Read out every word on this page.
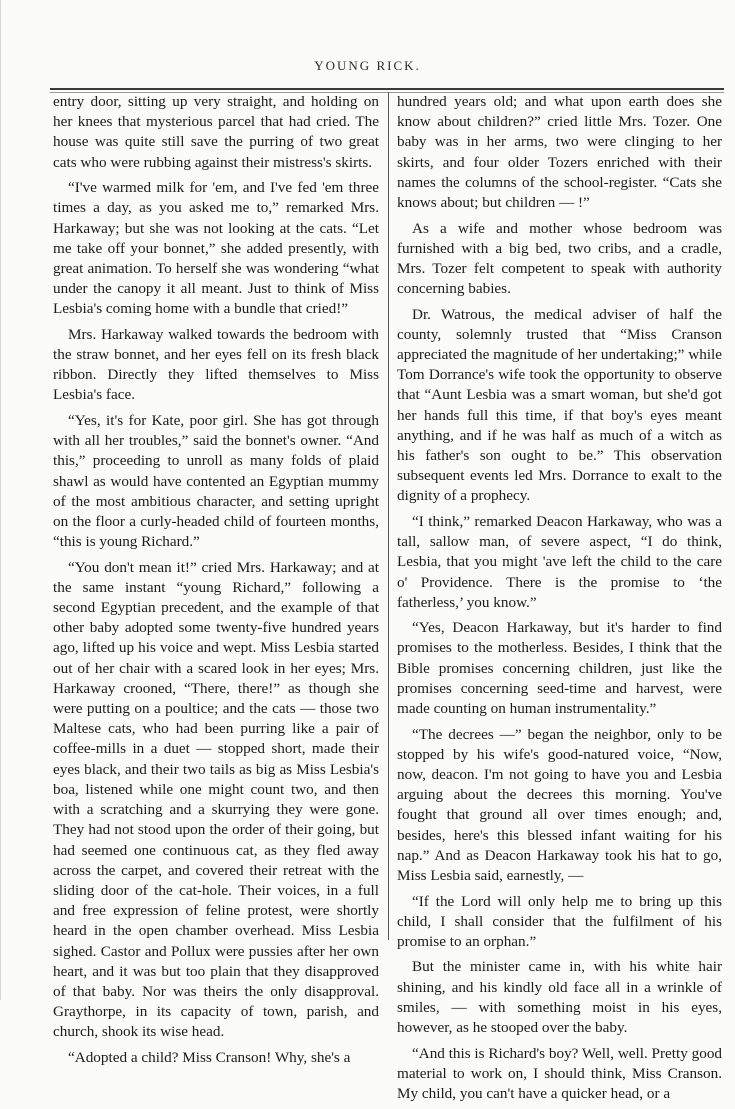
YOUNG RICK.

entry door, sitting up very straight, and holding on her knees that mysterious parcel that had cried. The house was quite still save the purring of two great cats who were rubbing against their mistress's skirts.

“I've warmed milk for 'em, and I've fed 'em three times a day, as you asked me to,” remarked Mrs. Harkaway; but she was not looking at the cats. “Let me take off your bonnet,” she added presently, with great animation. To herself she was wondering “what under the canopy it all meant. Just to think of Miss Lesbia's coming home with a bundle that cried!”

Mrs. Harkaway walked towards the bedroom with the straw bonnet, and her eyes fell on its fresh black ribbon. Directly they lifted themselves to Miss Lesbia's face.

“Yes, it's for Kate, poor girl. She has got through with all her troubles,” said the bonnet's owner. “And this,” proceeding to unroll as many folds of plaid shawl as would have contented an Egyptian mummy of the most ambitious character, and setting upright on the floor a curly-headed child of fourteen months, “this is young Richard.”

“You don't mean it!” cried Mrs. Harkaway; and at the same instant “young Richard,” following a second Egyptian precedent, and the example of that other baby adopted some twenty-five hundred years ago, lifted up his voice and wept. Miss Lesbia started out of her chair with a scared look in her eyes; Mrs. Harkaway crooned, “There, there!” as though she were putting on a poultice; and the cats — those two Maltese cats, who had been purring like a pair of coffee-mills in a duet — stopped short, made their eyes black, and their two tails as big as Miss Lesbia's boa, listened while one might count two, and then with a scratching and a skurrying they were gone. They had not stood upon the order of their going, but had seemed one continuous cat, as they fled away across the carpet, and covered their retreat with the sliding door of the cat-hole. Their voices, in a full and free expression of feline protest, were shortly heard in the open chamber overhead. Miss Lesbia sighed. Castor and Pollux were pussies after her own heart, and it was but too plain that they disapproved of that baby. Nor was theirs the only disapproval. Graythorpe, in its capacity of town, parish, and church, shook its wise head.

“Adopted a child? Miss Cranson! Why, she's a

hundred years old; and what upon earth does she know about children?” cried little Mrs. Tozer. One baby was in her arms, two were clinging to her skirts, and four older Tozers enriched with their names the columns of the school-register. “Cats she knows about; but children — !”

As a wife and mother whose bedroom was furnished with a big bed, two cribs, and a cradle, Mrs. Tozer felt competent to speak with authority concerning babies.

Dr. Watrous, the medical adviser of half the county, solemnly trusted that “Miss Cranson appreciated the magnitude of her undertaking;” while Tom Dorrance's wife took the opportunity to observe that “Aunt Lesbia was a smart woman, but she'd got her hands full this time, if that boy's eyes meant anything, and if he was half as much of a witch as his father's son ought to be.” This observation subsequent events led Mrs. Dorrance to exalt to the dignity of a prophecy.

“I think,” remarked Deacon Harkaway, who was a tall, sallow man, of severe aspect, “I do think, Lesbia, that you might 'ave left the child to the care o' Providence. There is the promise to ‘the fatherless,’ you know.”

“Yes, Deacon Harkaway, but it's harder to find promises to the motherless. Besides, I think that the Bible promises concerning children, just like the promises concerning seed-time and harvest, were made counting on human instrumentality.”

“The decrees —” began the neighbor, only to be stopped by his wife's good-natured voice, “Now, now, deacon. I'm not going to have you and Lesbia arguing about the decrees this morning. You've fought that ground all over times enough; and, besides, here's this blessed infant waiting for his nap.” And as Deacon Harkaway took his hat to go, Miss Lesbia said, earnestly, —

“If the Lord will only help me to bring up this child, I shall consider that the fulfilment of his promise to an orphan.”

But the minister came in, with his white hair shining, and his kindly old face all in a wrinkle of smiles, — with something moist in his eyes, however, as he stooped over the baby.

“And this is Richard's boy? Well, well. Pretty good material to work on, I should think, Miss Cranson. My child, you can't have a quicker head, or a
